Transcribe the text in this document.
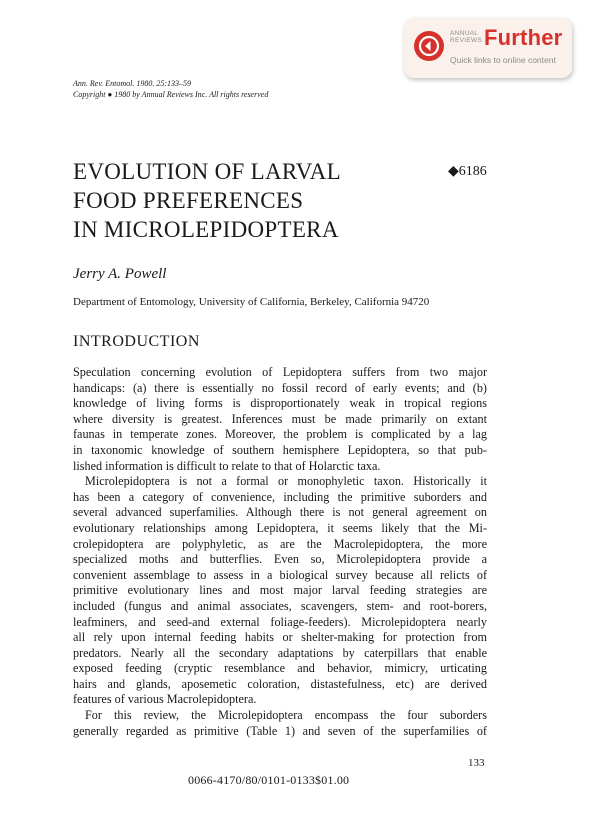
ANNUAL
REVIEWS Further
Quick links to online content
Ann. Rev. Entomol. 1980. 25:133–59
Copyright ● 1980 by Annual Reviews Inc. All rights reserved
EVOLUTION OF LARVAL
FOOD PREFERENCES
IN MICROLEPIDOPTERA
◆6186
Jerry A. Powell
Department of Entomology, University of California, Berkeley, California 94720
INTRODUCTION
Speculation concerning evolution of Lepidoptera suffers from two major
handicaps: (a) there is essentially no fossil record of early events; and (b)
knowledge of living forms is disproportionately weak in tropical regions
where diversity is greatest. Inferences must be made primarily on extant
faunas in temperate zones. Moreover, the problem is complicated by a lag
in taxonomic knowledge of southern hemisphere Lepidoptera, so that pub-
lished information is difficult to relate to that of Holarctic taxa.
Microlepidoptera is not a formal or monophyletic taxon. Historically it
has been a category of convenience, including the primitive suborders and
several advanced superfamilies. Although there is not general agreement on
evolutionary relationships among Lepidoptera, it seems likely that the Mi-
crolepidoptera are polyphyletic, as are the Macrolepidoptera, the more
specialized moths and butterflies. Even so, Microlepidoptera provide a
convenient assemblage to assess in a biological survey because all relicts of
primitive evolutionary lines and most major larval feeding strategies are
included (fungus and animal associates, scavengers, stem- and root-borers,
leafminers, and seed-and external foliage-feeders). Microlepidoptera nearly
all rely upon internal feeding habits or shelter-making for protection from
predators. Nearly all the secondary adaptations by caterpillars that enable
exposed feeding (cryptic resemblance and behavior, mimicry, urticating
hairs and glands, aposemetic coloration, distastefulness, etc) are derived
features of various Macrolepidoptera.
For this review, the Microlepidoptera encompass the four suborders
generally regarded as primitive (Table 1) and seven of the superfamilies of
133
0066-4170/80/0101-0133$01.00
